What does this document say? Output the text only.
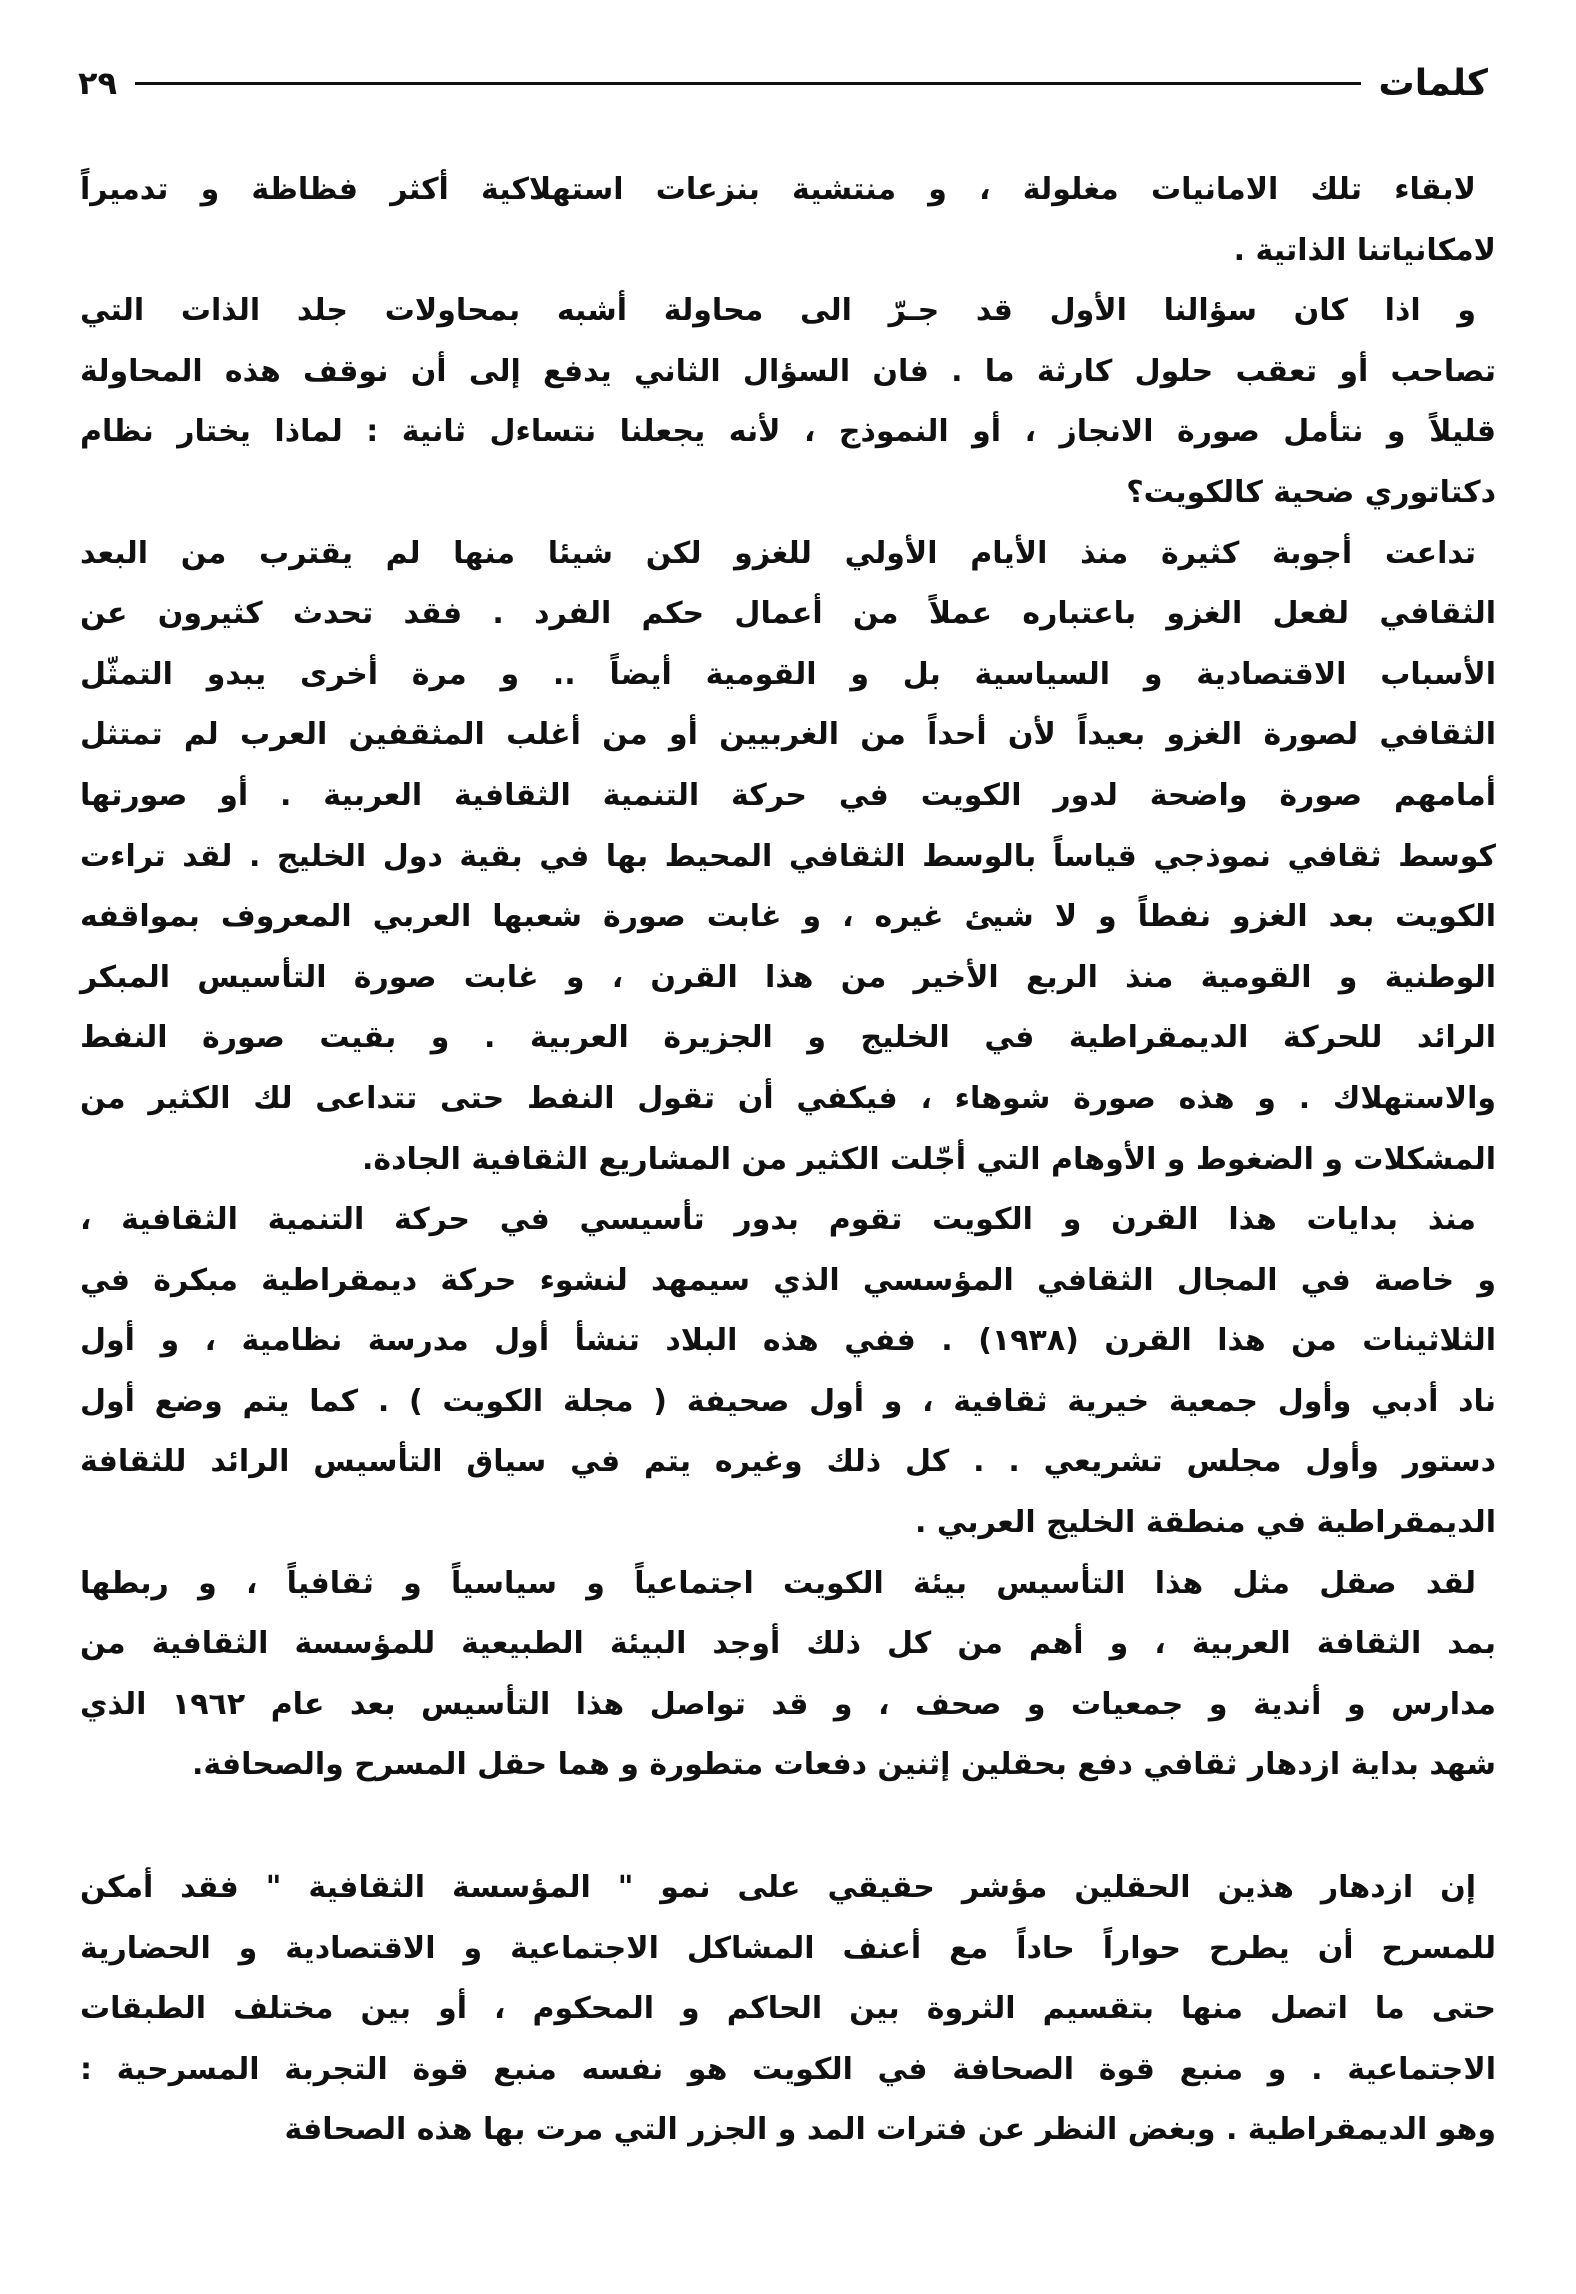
٢٩	كلمات
لابقاء تلك الامانيات مغلولة ، و منتشية بنزعات استهلاكية أكثر فظاظة و تدميراً
لامكانياتنا الذاتية .
و اذا كان سؤالنا الأول قد جـرّ الى محاولة أشبه بمحاولات جلد الذات التي
تصاحب أو تعقب حلول كارثة ما . فان السؤال الثاني يدفع إلى أن نوقف هذه المحاولة
قليلاً و نتأمل صورة الانجاز ، أو النموذج ، لأنه يجعلنا نتساءل ثانية : لماذا يختار نظام
دكتاتوري ضحية كالكويت؟
تداعت أجوبة كثيرة منذ الأيام الأولي للغزو لكن شيئا منها لم يقترب من البعد
الثقافي لفعل الغزو باعتباره عملاً من أعمال حكم الفرد . فقد تحدث كثيرون عن
الأسباب الاقتصادية و السياسية بل و القومية أيضاً .. و مرة أخرى يبدو التمثّل
الثقافي لصورة الغزو بعيداً لأن أحداً من الغربيين أو من أغلب المثقفين العرب لم تمتثل
أمامهم صورة واضحة لدور الكويت في حركة التنمية الثقافية العربية . أو صورتها
كوسط ثقافي نموذجي قياساً بالوسط الثقافي المحيط بها في بقية دول الخليج . لقد تراءت
الكويت بعد الغزو نفطاً و لا شيئ غيره ، و غابت صورة شعبها العربي المعروف بمواقفه
الوطنية و القومية منذ الربع الأخير من هذا القرن ، و غابت صورة التأسيس المبكر
الرائد للحركة الديمقراطية في الخليج و الجزيرة العربية . و بقيت صورة النفط
والاستهلاك . و هذه صورة شوهاء ، فيكفي أن تقول النفط حتى تتداعى لك الكثير من
المشكلات و الضغوط و الأوهام التي أجّلت الكثير من المشاريع الثقافية الجادة.
منذ بدايات هذا القرن و الكويت تقوم بدور تأسيسي في حركة التنمية الثقافية ،
و خاصة في المجال الثقافي المؤسسي الذي سيمهد لنشوء حركة ديمقراطية مبكرة في
الثلاثينات من هذا القرن (١٩٣٨) . ففي هذه البلاد تنشأ أول مدرسة نظامية ، و أول
ناد أدبي وأول جمعية خيرية ثقافية ، و أول صحيفة ( مجلة الكويت ) . كما يتم وضع أول
دستور وأول مجلس تشريعي . . كل ذلك وغيره يتم في سياق التأسيس الرائد للثقافة
الديمقراطية في منطقة الخليج العربي .
لقد صقل مثل هذا التأسيس بيئة الكويت اجتماعياً و سياسياً و ثقافياً ، و ربطها
بمد الثقافة العربية ، و أهم من كل ذلك أوجد البيئة الطبيعية للمؤسسة الثقافية من
مدارس و أندية و جمعيات و صحف ، و قد تواصل هذا التأسيس بعد عام ١٩٦٢ الذي
شهد بداية ازدهار ثقافي دفع بحقلين إثنين دفعات متطورة و هما حقل المسرح والصحافة.
إن ازدهار هذين الحقلين مؤشر حقيقي على نمو " المؤسسة الثقافية " فقد أمكن
للمسرح أن يطرح حواراً حاداً مع أعنف المشاكل الاجتماعية و الاقتصادية و الحضارية
حتى ما اتصل منها بتقسيم الثروة بين الحاكم و المحكوم ، أو بين مختلف الطبقات
الاجتماعية . و منبع قوة الصحافة في الكويت هو نفسه منبع قوة التجربة المسرحية :
وهو الديمقراطية . وبغض النظر عن فترات المد و الجزر التي مرت بها هذه الصحافة
